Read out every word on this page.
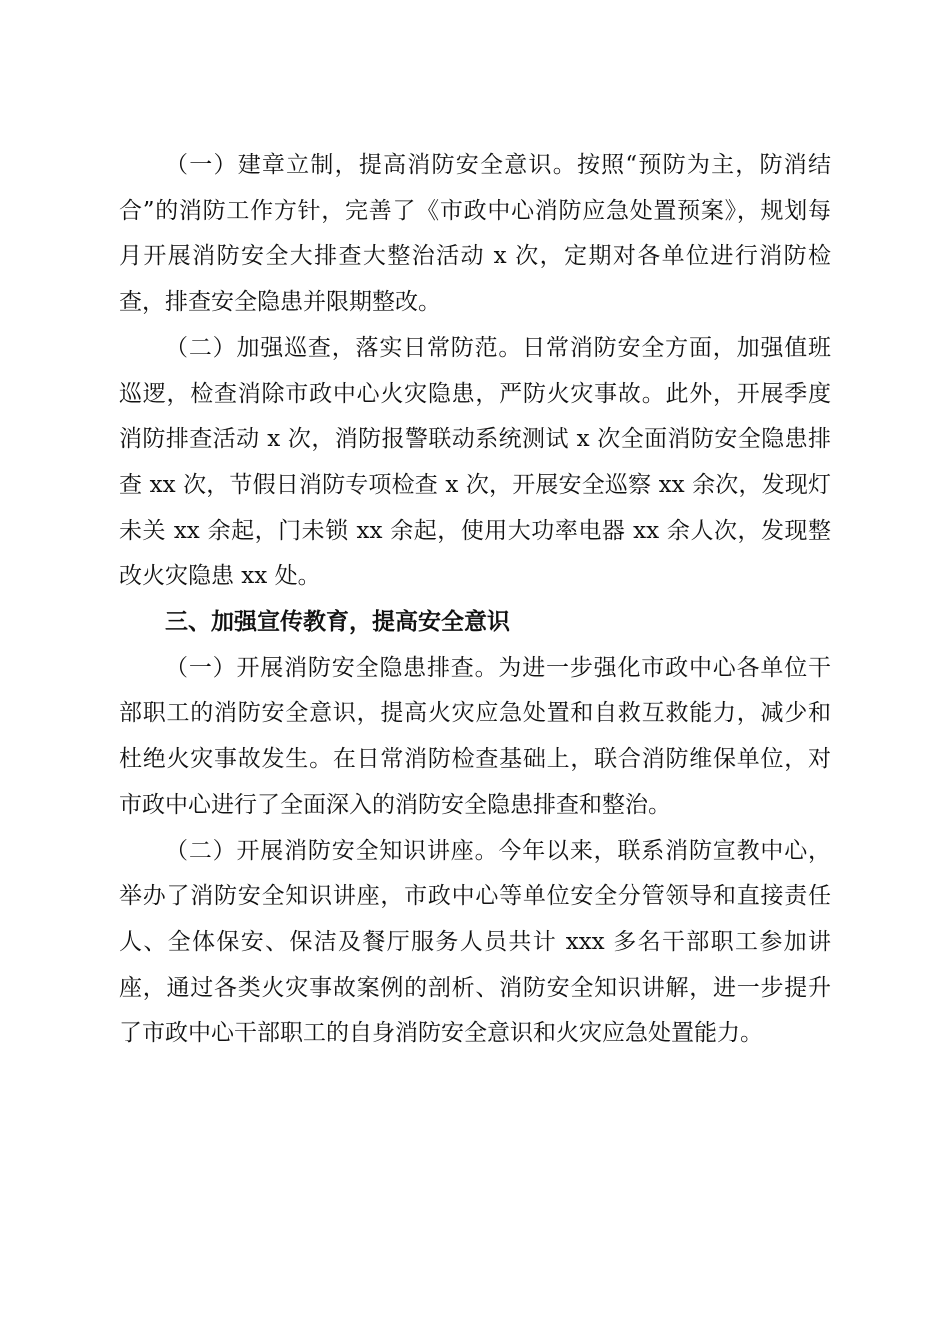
（一）建章立制，提高消防安全意识。按照“预防为主，防消结合”的消防工作方针，完善了《市政中心消防应急处置预案》，规划每月开展消防安全大排查大整治活动 x 次，定期对各单位进行消防检查，排查安全隐患并限期整改。

（二）加强巡查，落实日常防范。日常消防安全方面，加强值班巡逻，检查消除市政中心火灾隐患，严防火灾事故。此外，开展季度消防排查活动 x 次，消防报警联动系统测试 x 次全面消防安全隐患排查 xx 次，节假日消防专项检查 x 次，开展安全巡察 xx 余次，发现灯未关 xx 余起，门未锁 xx 余起，使用大功率电器 xx 余人次，发现整改火灾隐患 xx 处。

三、加强宣传教育，提高安全意识

（一）开展消防安全隐患排查。为进一步强化市政中心各单位干部职工的消防安全意识，提高火灾应急处置和自救互救能力，减少和杜绝火灾事故发生。在日常消防检查基础上，联合消防维保单位，对市政中心进行了全面深入的消防安全隐患排查和整治。

（二）开展消防安全知识讲座。今年以来，联系消防宣教中心，举办了消防安全知识讲座，市政中心等单位安全分管领导和直接责任人、全体保安、保洁及餐厅服务人员共计 xxx 多名干部职工参加讲座，通过各类火灾事故案例的剖析、消防安全知识讲解，进一步提升了市政中心干部职工的自身消防安全意识和火灾应急处置能力。
